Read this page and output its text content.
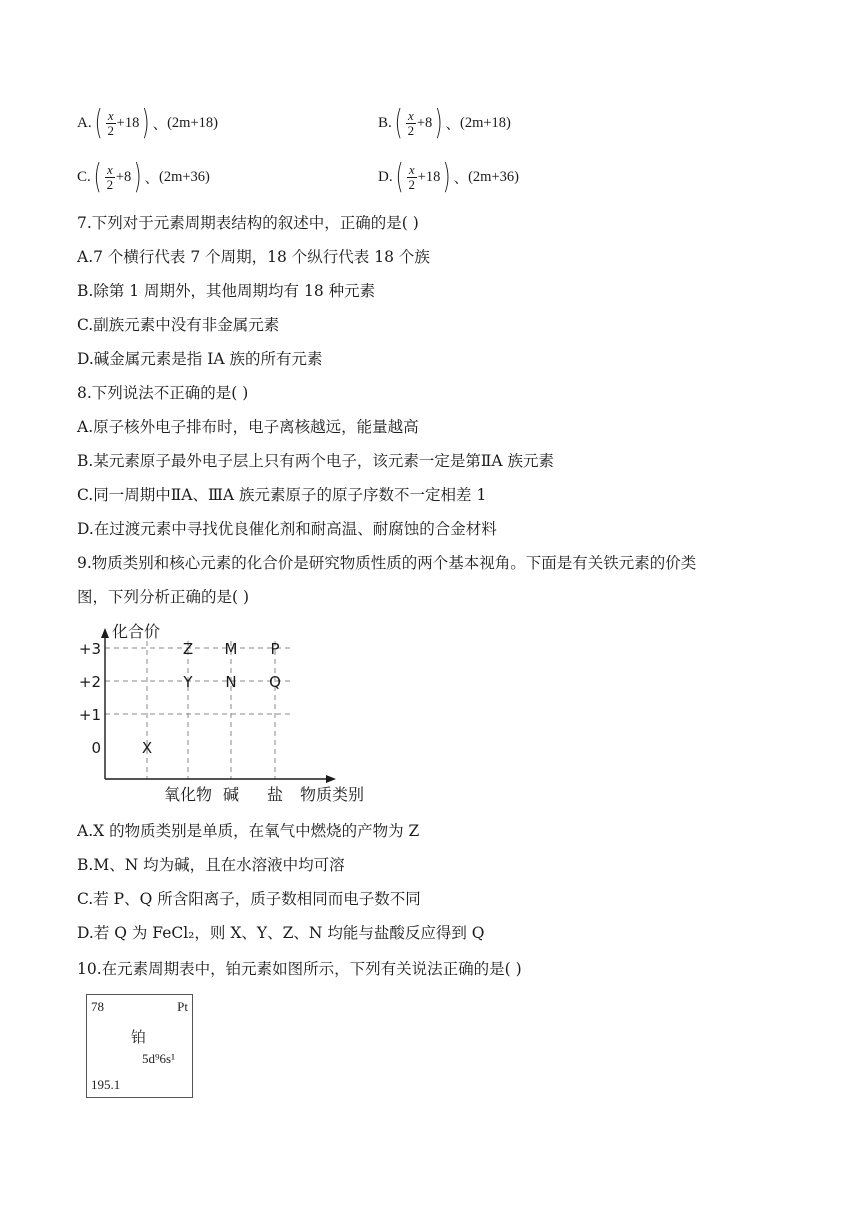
A. ( $\frac{x}{2} +18$ ) 、 (2m+18)	B. ( $\frac{x}{2} +8$ ) 、 (2m+18)
C. ( $\frac{x}{2} +8$ ) 、 (2m+36)	D. ( $\frac{x}{2} +18$ ) 、 (2m+36)
7.下列对于元素周期表结构的叙述中，正确的是( )
A.7 个横行代表 7 个周期，18 个纵行代表 18 个族
B.除第 1 周期外，其他周期均有 18 种元素
C.副族元素中没有非金属元素
D.碱金属元素是指 IA 族的所有元素
8.下列说法不正确的是( )
A.原子核外电子排布时，电子离核越远，能量越高
B.某元素原子最外电子层上只有两个电子，该元素一定是第ⅡA 族元素
C.同一周期中ⅡA、ⅢA 族元素原子的原子序数不一定相差 1
D.在过渡元素中寻找优良催化剂和耐高温、耐腐蚀的合金材料
9.物质类别和核心元素的化合价是研究物质性质的两个基本视角。下面是有关铁元素的价类
图，下列分析正确的是( )
+3
+2
+1
0
氧化物 碱 盐
X
Z
Y
M
N
P
Q
化合价
物质类别
A.X 的物质类别是单质，在氧气中燃烧的产物为 Z
B.M、N 均为碱，且在水溶液中均可溶
C.若 P、Q 所含阳离子，质子数相同而电子数不同
D.若 Q 为 FeCl₂，则 X、Y、Z、N 均能与盐酸反应得到 Q
10.在元素周期表中，铂元素如图所示，下列有关说法正确的是( )
78	Pt
铂
5d⁹6s¹
195.1
